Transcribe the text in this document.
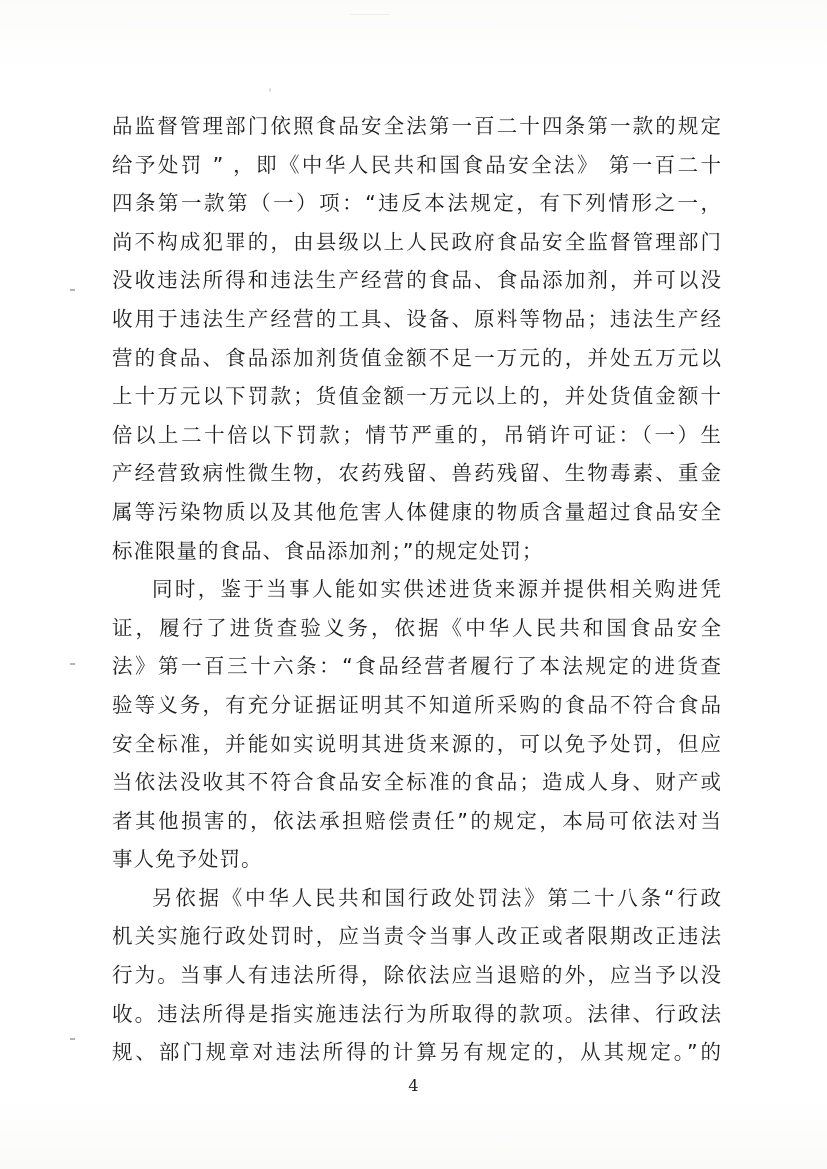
品监督管理部门依照食品安全法第一百二十四条第一款的规定
给予处罚 ” ，即《中华人民共和国食品安全法》 第一百二十
四条第一款第（一）项：“违反本法规定，有下列情形之一，
尚不构成犯罪的，由县级以上人民政府食品安全监督管理部门
没收违法所得和违法生产经营的食品、食品添加剂，并可以没
收用于违法生产经营的工具、设备、原料等物品；违法生产经
营的食品、食品添加剂货值金额不足一万元的，并处五万元以
上十万元以下罚款；货值金额一万元以上的，并处货值金额十
倍以上二十倍以下罚款；情节严重的，吊销许可证：（一）生
产经营致病性微生物，农药残留、兽药残留、生物毒素、重金
属等污染物质以及其他危害人体健康的物质含量超过食品安全
标准限量的食品、食品添加剂；”的规定处罚；
同时，鉴于当事人能如实供述进货来源并提供相关购进凭
证，履行了进货查验义务，依据《中华人民共和国食品安全
法》第一百三十六条：“食品经营者履行了本法规定的进货查
验等义务，有充分证据证明其不知道所采购的食品不符合食品
安全标准，并能如实说明其进货来源的，可以免予处罚，但应
当依法没收其不符合食品安全标准的食品；造成人身、财产或
者其他损害的，依法承担赔偿责任”的规定，本局可依法对当
事人免予处罚。
另依据《中华人民共和国行政处罚法》第二十八条“行政
机关实施行政处罚时，应当责令当事人改正或者限期改正违法
行为。当事人有违法所得，除依法应当退赔的外，应当予以没
收。违法所得是指实施违法行为所取得的款项。法律、行政法
规、部门规章对违法所得的计算另有规定的，从其规定。”的
4
